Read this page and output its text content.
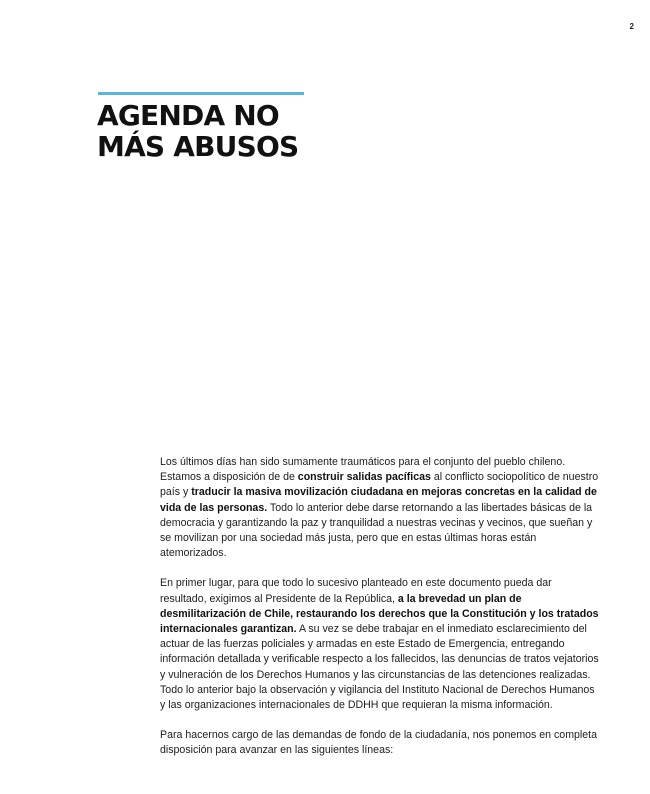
2
AGENDA NO
MÁS ABUSOS

Los últimos días han sido sumamente traumáticos para el conjunto del pueblo chileno. Estamos a disposición de de construir salidas pacíficas al conflicto sociopolítico de nuestro país y traducir la masiva movilización ciudadana en mejoras concretas en la calidad de vida de las personas. Todo lo anterior debe darse retornando a las libertades básicas de la democracia y garantizando la paz y tranquilidad a nuestras vecinas y vecinos, que sueñan y se movilizan por una sociedad más justa, pero que en estas últimas horas están atemorizados.

En primer lugar, para que todo lo sucesivo planteado en este documento pueda dar resultado, exigimos al Presidente de la República, a la brevedad un plan de desmilitarización de Chile, restaurando los derechos que la Constitución y los tratados internacionales garantizan. A su vez se debe trabajar en el inmediato esclarecimiento del actuar de las fuerzas policiales y armadas en este Estado de Emergencia, entregando información detallada y verificable respecto a los fallecidos, las denuncias de tratos vejatorios y vulneración de los Derechos Humanos y las circunstancias de las detenciones realizadas. Todo lo anterior bajo la observación y vigilancia del Instituto Nacional de Derechos Humanos y las organizaciones internacionales de DDHH que requieran la misma información.

Para hacernos cargo de las demandas de fondo de la ciudadanía, nos ponemos en completa disposición para avanzar en las siguientes líneas:
